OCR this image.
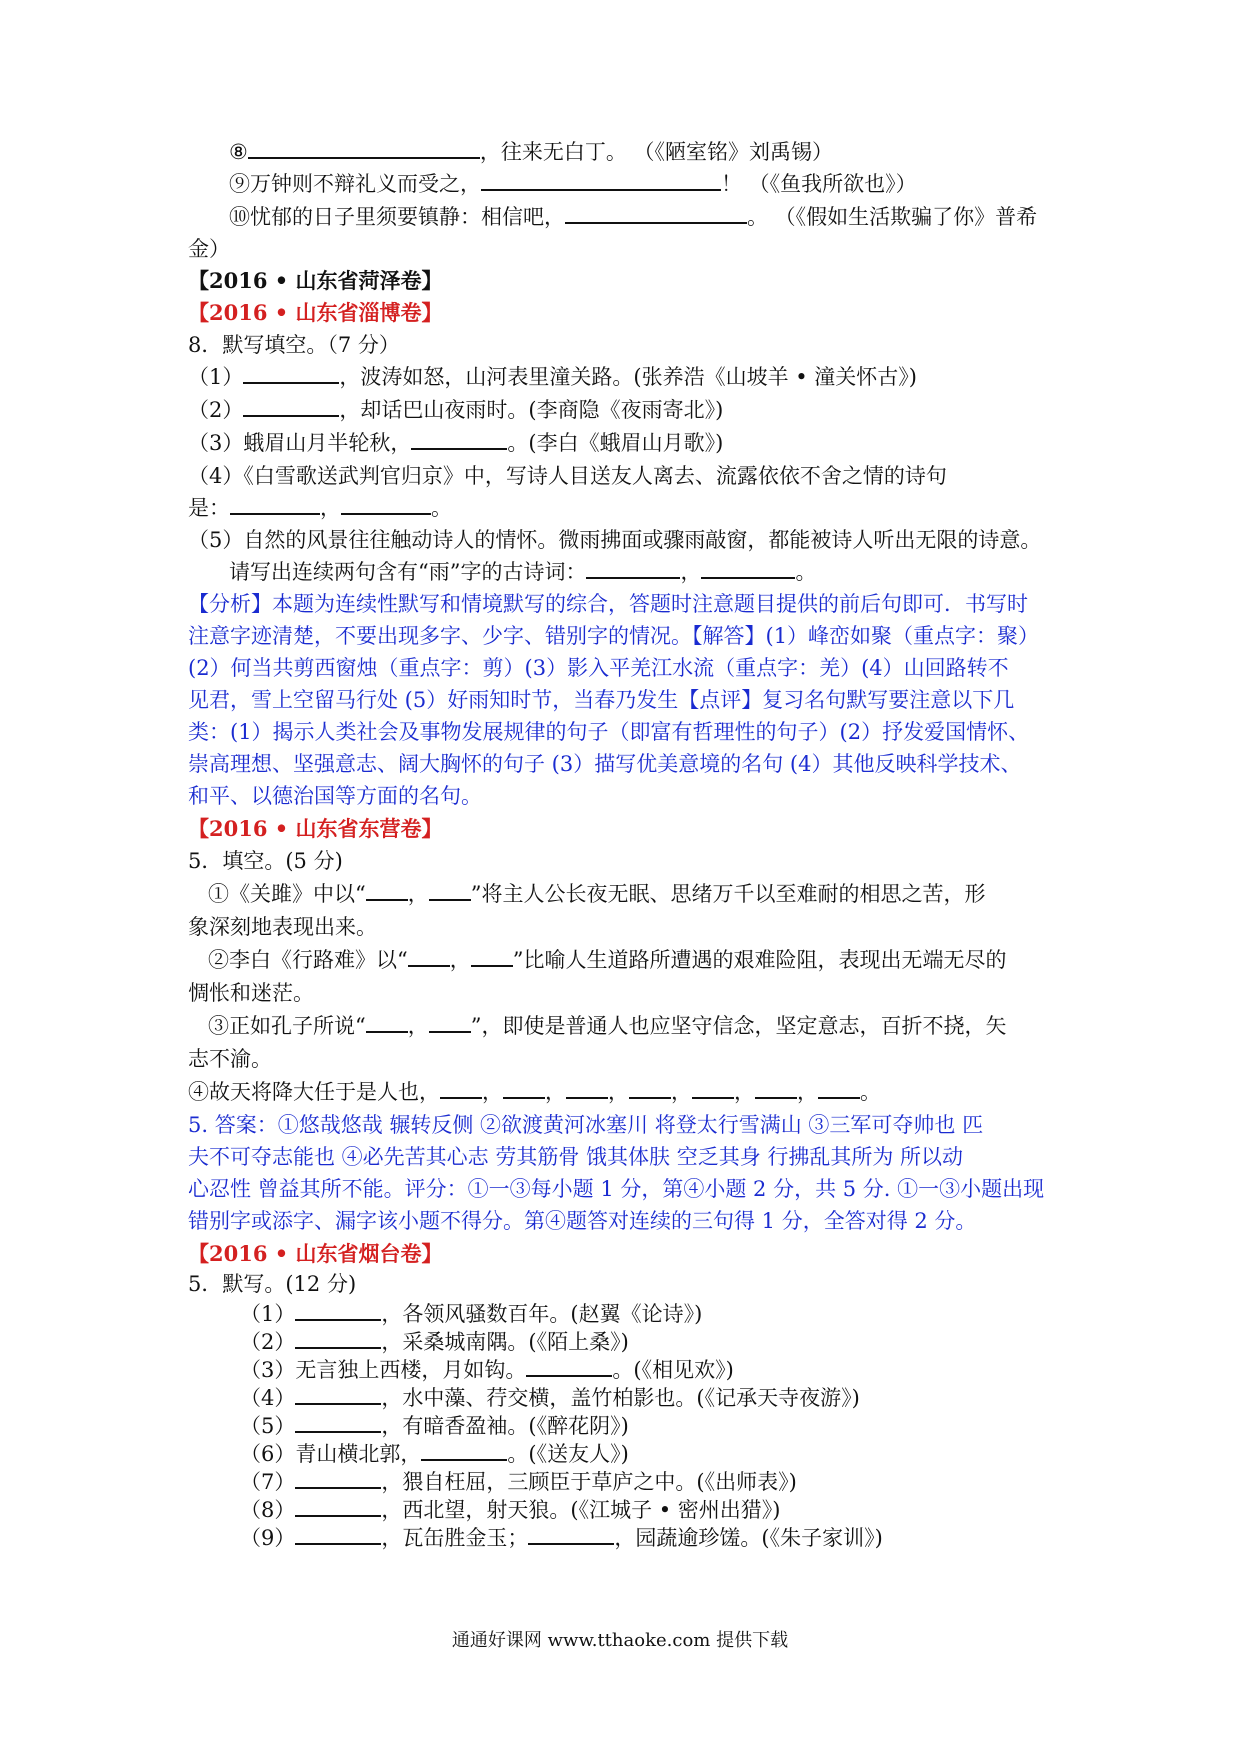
⑧	，往来无白丁。 （《陋室铭》刘禹锡）
⑨万钟则不辩礼义而受之，	！ （《鱼我所欲也》）
⑩忧郁的日子里须要镇静：相信吧，	。 （《假如生活欺骗了你》普希
金）
【2016 • 山东省菏泽卷】
【2016 • 山东省淄博卷】
8．默写填空。（7 分）
（1）	，波涛如怒，山河表里潼关路。(张养浩《山坡羊 • 潼关怀古》)
（2）	，却话巴山夜雨时。(李商隐《夜雨寄北》)
（3）蛾眉山月半轮秋，	。(李白《蛾眉山月歌》)
（4）《白雪歌送武判官归京》中，写诗人目送友人离去、流露依依不舍之情的诗句
是：	，	。
（5）自然的风景往往触动诗人的情怀。微雨拂面或骤雨敲窗，都能被诗人听出无限的诗意。
请写出连续两句含有“雨”字的古诗词：	，	。
【分析】本题为连续性默写和情境默写的综合，答题时注意题目提供的前后句即可．书写时
注意字迹清楚，不要出现多字、少字、错别字的情况。【解答】(1）峰峦如聚（重点字：聚）
(2）何当共剪西窗烛（重点字：剪）(3）影入平羌江水流（重点字：羌）(4）山回路转不
见君，雪上空留马行处 (5）好雨知时节，当春乃发生【点评】复习名句默写要注意以下几
类：(1）揭示人类社会及事物发展规律的句子（即富有哲理性的句子）(2）抒发爱国情怀、
崇高理想、坚强意志、阔大胸怀的句子 (3）描写优美意境的名句 (4）其他反映科学技术、
和平、以德治国等方面的名句。
【2016 • 山东省东营卷】
5．填空。(5 分)
①《关雎》中以“ ， ”将主人公长夜无眠、思绪万千以至难耐的相思之苦，形
象深刻地表现出来。
②李白《行路难》以“ ， ”比喻人生道路所遭遇的艰难险阻，表现出无端无尽的
惆怅和迷茫。
③正如孔子所说“ ， ”，即使是普通人也应坚守信念，坚定意志，百折不挠，矢
志不渝。
④故天将降大任于是人也， ， ， ， ， ， ， 。
5. 答案：①悠哉悠哉 辗转反侧 ②欲渡黄河冰塞川 将登太行雪满山 ③三军可夺帅也 匹
夫不可夺志能也 ④必先苦其心志 劳其筋骨 饿其体肤 空乏其身 行拂乱其所为 所以动
心忍性 曾益其所不能。评分：①一③每小题 1 分，第④小题 2 分，共 5 分. ①一③小题出现
错别字或添字、漏字该小题不得分。第④题答对连续的三句得 1 分，全答对得 2 分。
【2016 • 山东省烟台卷】
5．默写。(12 分)
（1）	，各领风骚数百年。(赵翼《论诗》)
（2）	，采桑城南隅。(《陌上桑》)
（3）无言独上西楼，月如钩。	。(《相见欢》)
（4）	，水中藻、荇交横，盖竹柏影也。(《记承天寺夜游》)
（5）	，有暗香盈袖。(《醉花阴》)
（6）青山横北郭，	。(《送友人》)
（7）	，猥自枉屈，三顾臣于草庐之中。(《出师表》)
（8）	，西北望，射天狼。(《江城子 • 密州出猎》)
（9）	，瓦缶胜金玉；	，园蔬逾珍馐。(《朱子家训》)
通通好课网 www.tthaoke.com 提供下载
